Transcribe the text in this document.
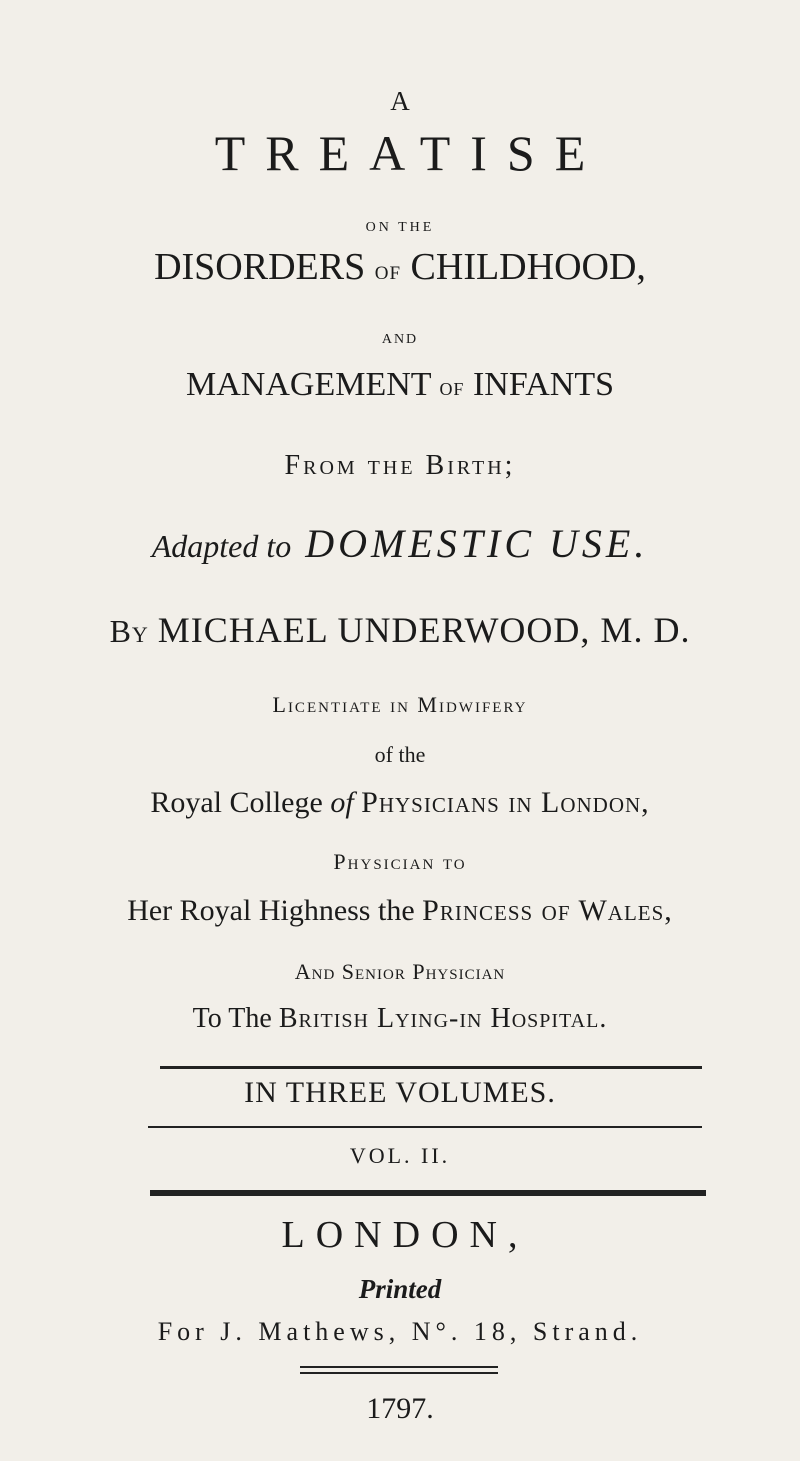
A
TREATISE
ON THE
DISORDERS OF CHILDHOOD,
AND
MANAGEMENT OF INFANTS
From the Birth;
Adapted to DOMESTIC USE.
By MICHAEL UNDERWOOD, M. D.
Licentiate in Midwifery
of the
Royal College of Physicians in London,
Physician to
Her Royal Highness the Princess of Wales,
And Senior Physician
To The British Lying-in Hospital.
IN THREE VOLUMES.
VOL. II.
LONDON,
Printed
For J. Mathews, N°. 18, Strand.
1797.
